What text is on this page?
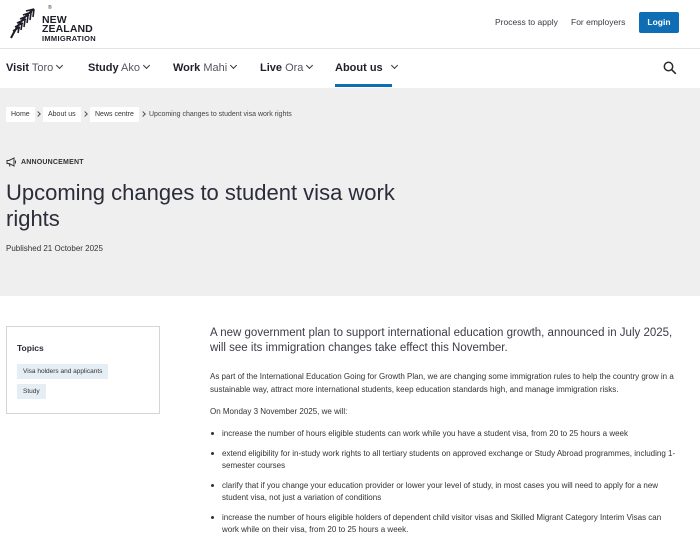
NEW ZEALAND
IMMIGRATION
®
Process to apply For employers	Login
Visit Toro	Study Ako	Work Mahi	Live Ora	About us
Home	About us	News centre	Upcoming changes to student visa work rights
ANNOUNCEMENT
Upcoming changes to student visa work rights
Published 21 October 2025
Topics
Visa holders and applicants
Study

A new government plan to support international education growth, announced in July 2025, will see its immigration changes take effect this November.

As part of the International Education Going for Growth Plan, we are changing some immigration rules to help the country grow in a sustainable way, attract more international students, keep education standards high, and manage immigration risks.

On Monday 3 November 2025, we will:

increase the number of hours eligible students can work while you have a student visa, from 20 to 25 hours a week
extend eligibility for in-study work rights to all tertiary students on approved exchange or Study Abroad programmes, including 1-semester courses
clarify that if you change your education provider or lower your level of study, in most cases you will need to apply for a new student visa, not just a variation of conditions
increase the number of hours eligible holders of dependent child visitor visas and Skilled Migrant Category Interim Visas can work while on their visa, from 20 to 25 hours a week.
